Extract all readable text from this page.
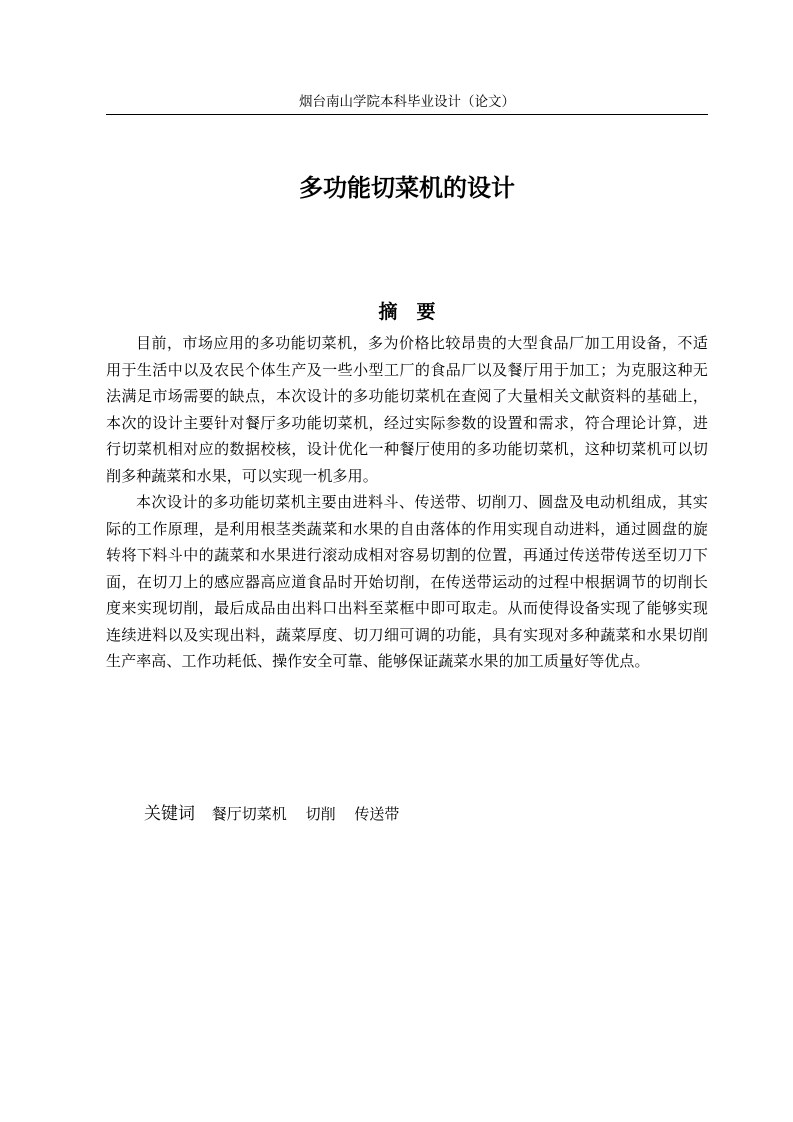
烟台南山学院本科毕业设计（论文）
多功能切菜机的设计
摘　要

目前，市场应用的多功能切菜机，多为价格比较昂贵的大型食品厂加工用设备，不适用于生活中以及农民个体生产及一些小型工厂的食品厂以及餐厅用于加工；为克服这种无法满足市场需要的缺点，本次设计的多功能切菜机在查阅了大量相关文献资料的基础上，本次的设计主要针对餐厅多功能切菜机，经过实际参数的设置和需求，符合理论计算，进行切菜机相对应的数据校核，设计优化一种餐厅使用的多功能切菜机，这种切菜机可以切削多种蔬菜和水果，可以实现一机多用。

本次设计的多功能切菜机主要由进料斗、传送带、切削刀、圆盘及电动机组成，其实际的工作原理，是利用根茎类蔬菜和水果的自由落体的作用实现自动进料，通过圆盘的旋转将下料斗中的蔬菜和水果进行滚动成相对容易切割的位置，再通过传送带传送至切刀下面，在切刀上的感应器高应道食品时开始切削，在传送带运动的过程中根据调节的切削长度来实现切削，最后成品由出料口出料至菜框中即可取走。从而使得设备实现了能够实现连续进料以及实现出料，蔬菜厚度、切刀细可调的功能，具有实现对多种蔬菜和水果切削生产率高、工作功耗低、操作安全可靠、能够保证蔬菜水果的加工质量好等优点。

关键词 餐厅切菜机 切削 传送带
